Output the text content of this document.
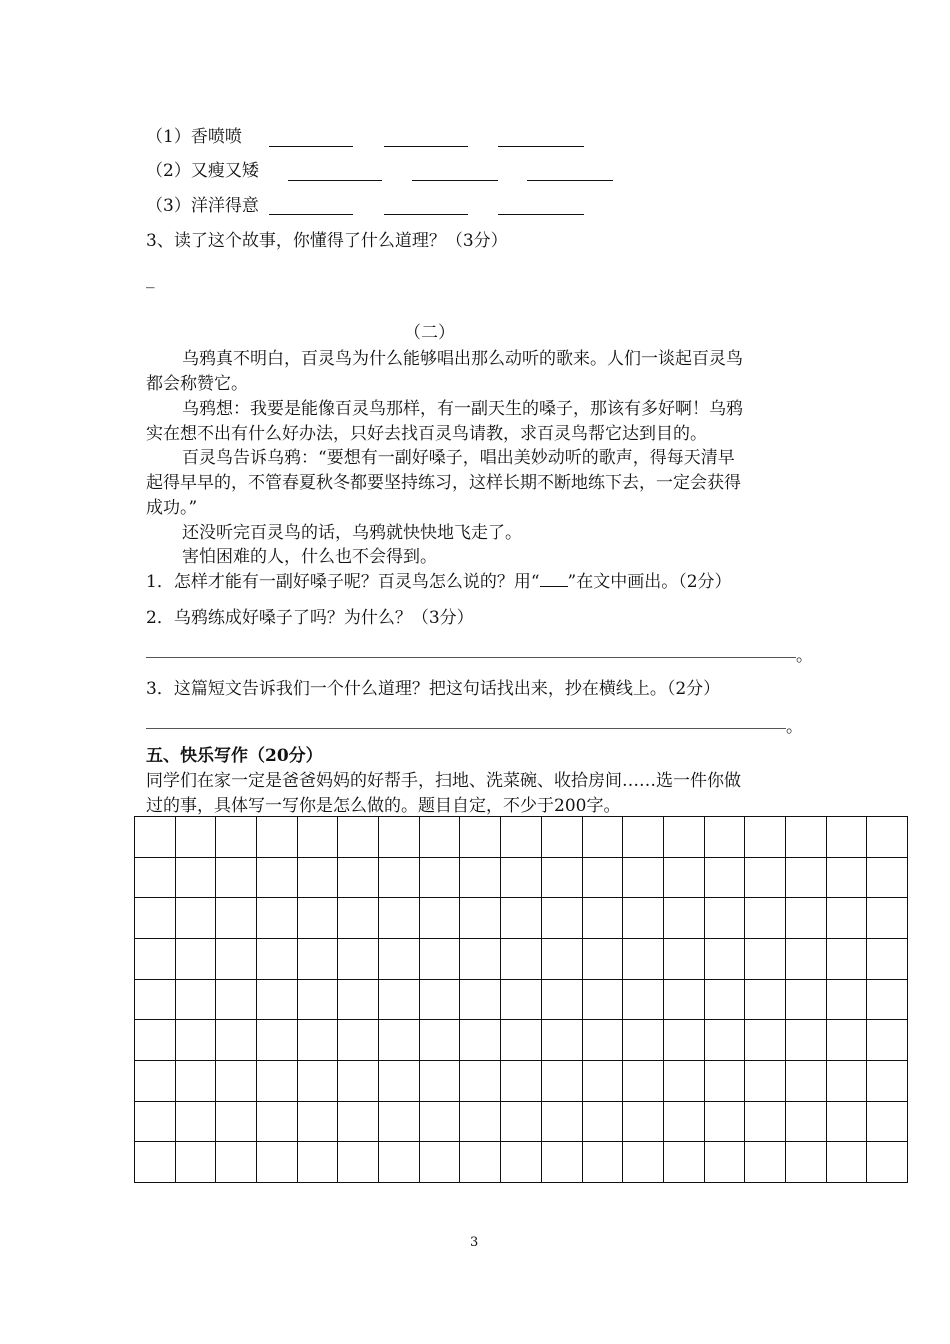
（1）香喷喷
（2）又瘦又矮
（3）洋洋得意
3、读了这个故事，你懂得了什么道理？（3分）
_
（二）
乌鸦真不明白，百灵鸟为什么能够唱出那么动听的歌来。人们一谈起百灵鸟
都会称赞它。
乌鸦想：我要是能像百灵鸟那样，有一副天生的嗓子，那该有多好啊！乌鸦
实在想不出有什么好办法，只好去找百灵鸟请教，求百灵鸟帮它达到目的。
百灵鸟告诉乌鸦：“要想有一副好嗓子，唱出美妙动听的歌声，得每天清早
起得早早的，不管春夏秋冬都要坚持练习，这样长期不断地练下去，一定会获得
成功。”
还没听完百灵鸟的话，乌鸦就快快地飞走了。
害怕困难的人，什么也不会得到。
1．怎样才能有一副好嗓子呢？百灵鸟怎么说的？用“ ”在文中画出。（2分）
2．乌鸦练成好嗓子了吗？为什么？（3分）
。
3．这篇短文告诉我们一个什么道理？把这句话找出来，抄在横线上。（2分）
。
五、快乐写作（20分）
同学们在家一定是爸爸妈妈的好帮手，扫地、洗菜碗、收拾房间……选一件你做
过的事，具体写一写你是怎么做的。题目自定，不少于200字。
3
